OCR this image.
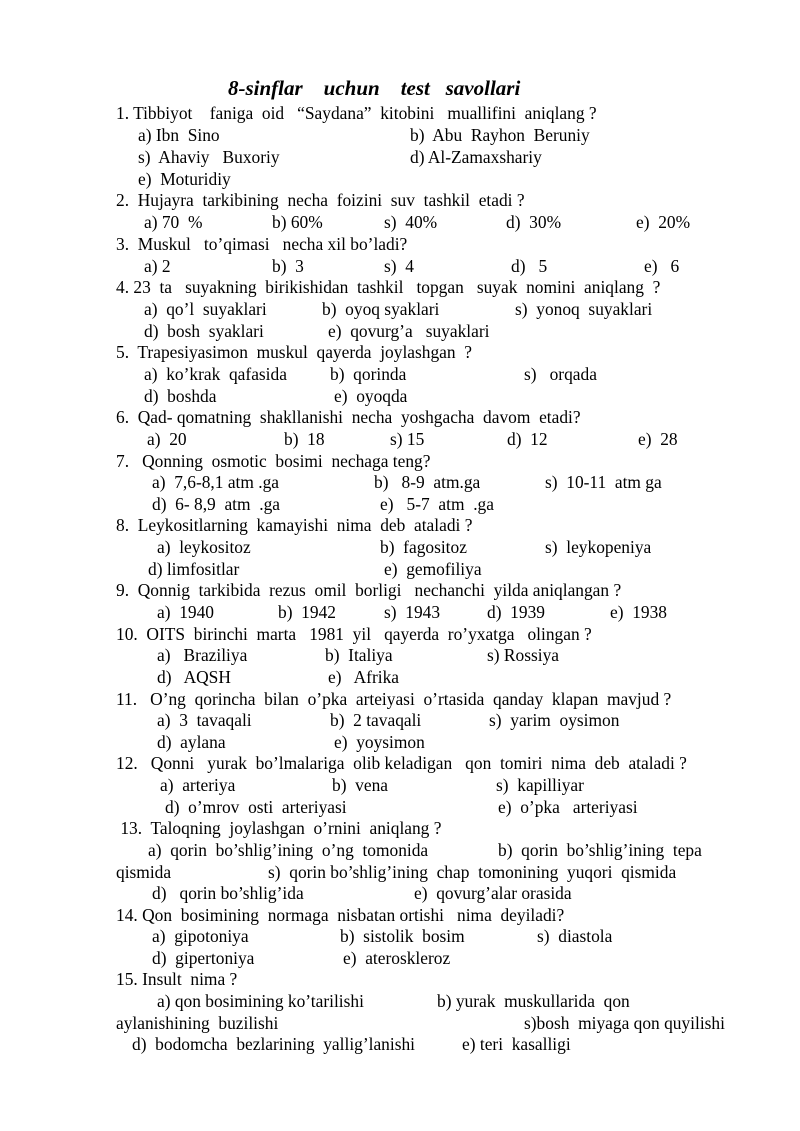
8-sinflar    uchun    test   savollari
1. Tibbiyot    faniga  oid   “Saydana”  kitobini   muallifini  aniqlang ?
a) Ibn  Sino	b)  Abu  Rayhon  Beruniy
s)  Ahaviy   Buxoriy	d) Al-Zamaxshariy
e)  Moturidiy
2.  Hujayra  tarkibining  necha  foizini  suv  tashkil  etadi ?
a) 70  %	b) 60%	s)  40%	d)  30%	e)  20%
3.  Muskul   to’qimasi   necha xil bo’ladi?
a) 2	b)  3	s)  4	d)   5	e)   6
4. 23  ta   suyakning  birikishidan  tashkil   topgan   suyak  nomini  aniqlang  ?
a)  qo’l  suyaklari	b)  oyoq syaklari	s)  yonoq  suyaklari
d)  bosh  syaklari	e)  qovurg’a   suyaklari
5.  Trapesiyasimon  muskul  qayerda  joylashgan  ?
a)  ko’krak  qafasida b)  qorinda	s)   orqada
d)  boshda	e)  oyoqda
6.  Qad- qomatning  shakllanishi  necha  yoshgacha  davom  etadi?
a)  20	b)  18	s) 15	d)  12	e)  28
7.   Qonning  osmotic  bosimi  nechaga teng?
a)  7,6-8,1 atm .ga	b)   8-9  atm.ga	s)  10-11  atm ga
d)  6- 8,9  atm  .ga	e)   5-7  atm  .ga
8.  Leykositlarning  kamayishi  nima  deb  ataladi ?
a)  leykositoz	b)  fagositoz	s)  leykopeniya
d) limfositlar	e)  gemofiliya
9.  Qonnig  tarkibida  rezus  omil  borligi   nechanchi  yilda aniqlangan ?
a)  1940	b)  1942	s)  1943	d)  1939	e)  1938
10.  OITS  birinchi  marta   1981  yil   qayerda  ro’yxatga   olingan ?
a)   Braziliya	b)  Italiya	s) Rossiya
d)   AQSH	e)   Afrika
11.   O’ng  qorincha  bilan  o’pka  arteiyasi  o’rtasida  qanday  klapan  mavjud ?
a)  3  tavaqali	b)  2 tavaqali	s)  yarim  oysimon
d)  aylana	e)  yoysimon
12.   Qonni   yurak  bo’lmalariga  olib keladigan   qon  tomiri  nima  deb  ataladi ?
a)  arteriya	b)  vena	s)  kapilliyar
d)  o’mrov  osti  arteriyasi	e)  o’pka   arteriyasi
13.  Taloqning  joylashgan  o’rnini  aniqlang ?
a)  qorin  bo’shlig’ining  o’ng  tomonida	b)  qorin  bo’shlig’ining  tepa
qismida	s)  qorin bo’shlig’ining  chap  tomonining  yuqori  qismida
d)   qorin bo’shlig’ida	e)  qovurg’alar orasida
14. Qon  bosimining  normaga  nisbatan ortishi   nima  deyiladi?
a)  gipotoniya	b)  sistolik  bosim	s)  diastola
d)  gipertoniya	e)  ateroskleroz
15. Insult  nima ?
a) qon bosimining ko’tarilishi	b) yurak  muskullarida  qon
aylanishining  buzilishi	s)bosh  miyaga qon quyilishi
d)  bodomcha  bezlarining  yallig’lanishi	e) teri  kasalligi
